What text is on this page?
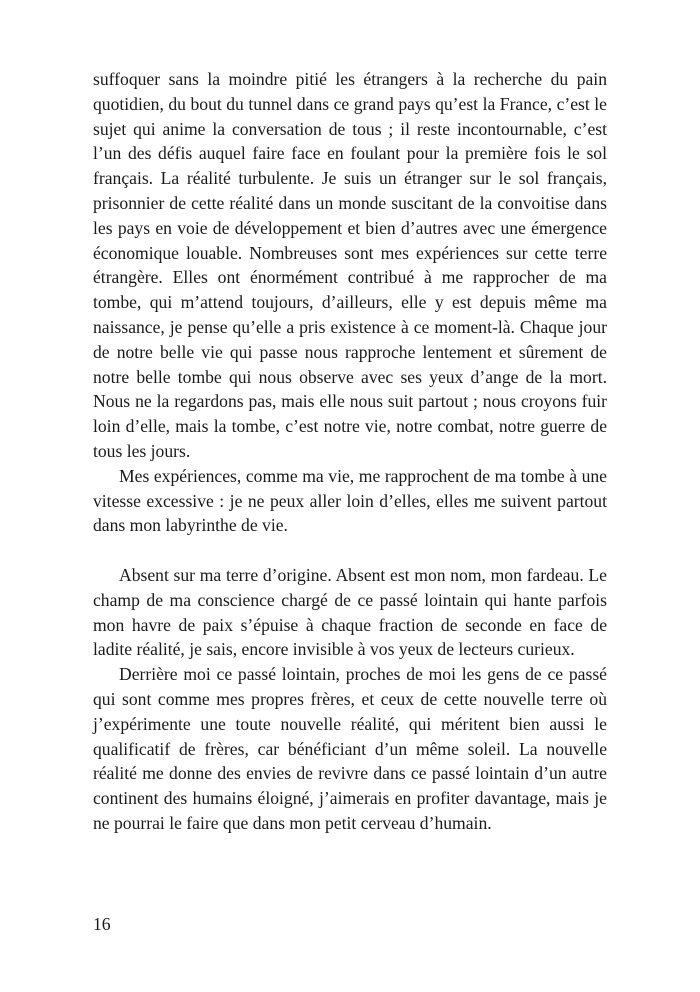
suffoquer sans la moindre pitié les étrangers à la recherche du pain quotidien, du bout du tunnel dans ce grand pays qu’est la France, c’est le sujet qui anime la conversation de tous ; il reste incontournable, c’est l’un des défis auquel faire face en foulant pour la première fois le sol français. La réalité turbulente. Je suis un étranger sur le sol français, prisonnier de cette réalité dans un monde suscitant de la convoitise dans les pays en voie de développement et bien d’autres avec une émergence économique louable. Nombreuses sont mes expériences sur cette terre étrangère. Elles ont énormément contribué à me rapprocher de ma tombe, qui m’attend toujours, d’ailleurs, elle y est depuis même ma naissance, je pense qu’elle a pris existence à ce moment-là. Chaque jour de notre belle vie qui passe nous rapproche lentement et sûrement de notre belle tombe qui nous observe avec ses yeux d’ange de la mort. Nous ne la regardons pas, mais elle nous suit partout ; nous croyons fuir loin d’elle, mais la tombe, c’est notre vie, notre combat, notre guerre de tous les jours.

Mes expériences, comme ma vie, me rapprochent de ma tombe à une vitesse excessive : je ne peux aller loin d’elles, elles me suivent partout dans mon labyrinthe de vie.

Absent sur ma terre d’origine. Absent est mon nom, mon fardeau. Le champ de ma conscience chargé de ce passé lointain qui hante parfois mon havre de paix s’épuise à chaque fraction de seconde en face de ladite réalité, je sais, encore invisible à vos yeux de lecteurs curieux.

Derrière moi ce passé lointain, proches de moi les gens de ce passé qui sont comme mes propres frères, et ceux de cette nouvelle terre où j’expérimente une toute nouvelle réalité, qui méritent bien aussi le qualificatif de frères, car bénéficiant d’un même soleil. La nouvelle réalité me donne des envies de revivre dans ce passé lointain d’un autre continent des humains éloigné, j’aimerais en profiter davantage, mais je ne pourrai le faire que dans mon petit cerveau d’humain.

16
